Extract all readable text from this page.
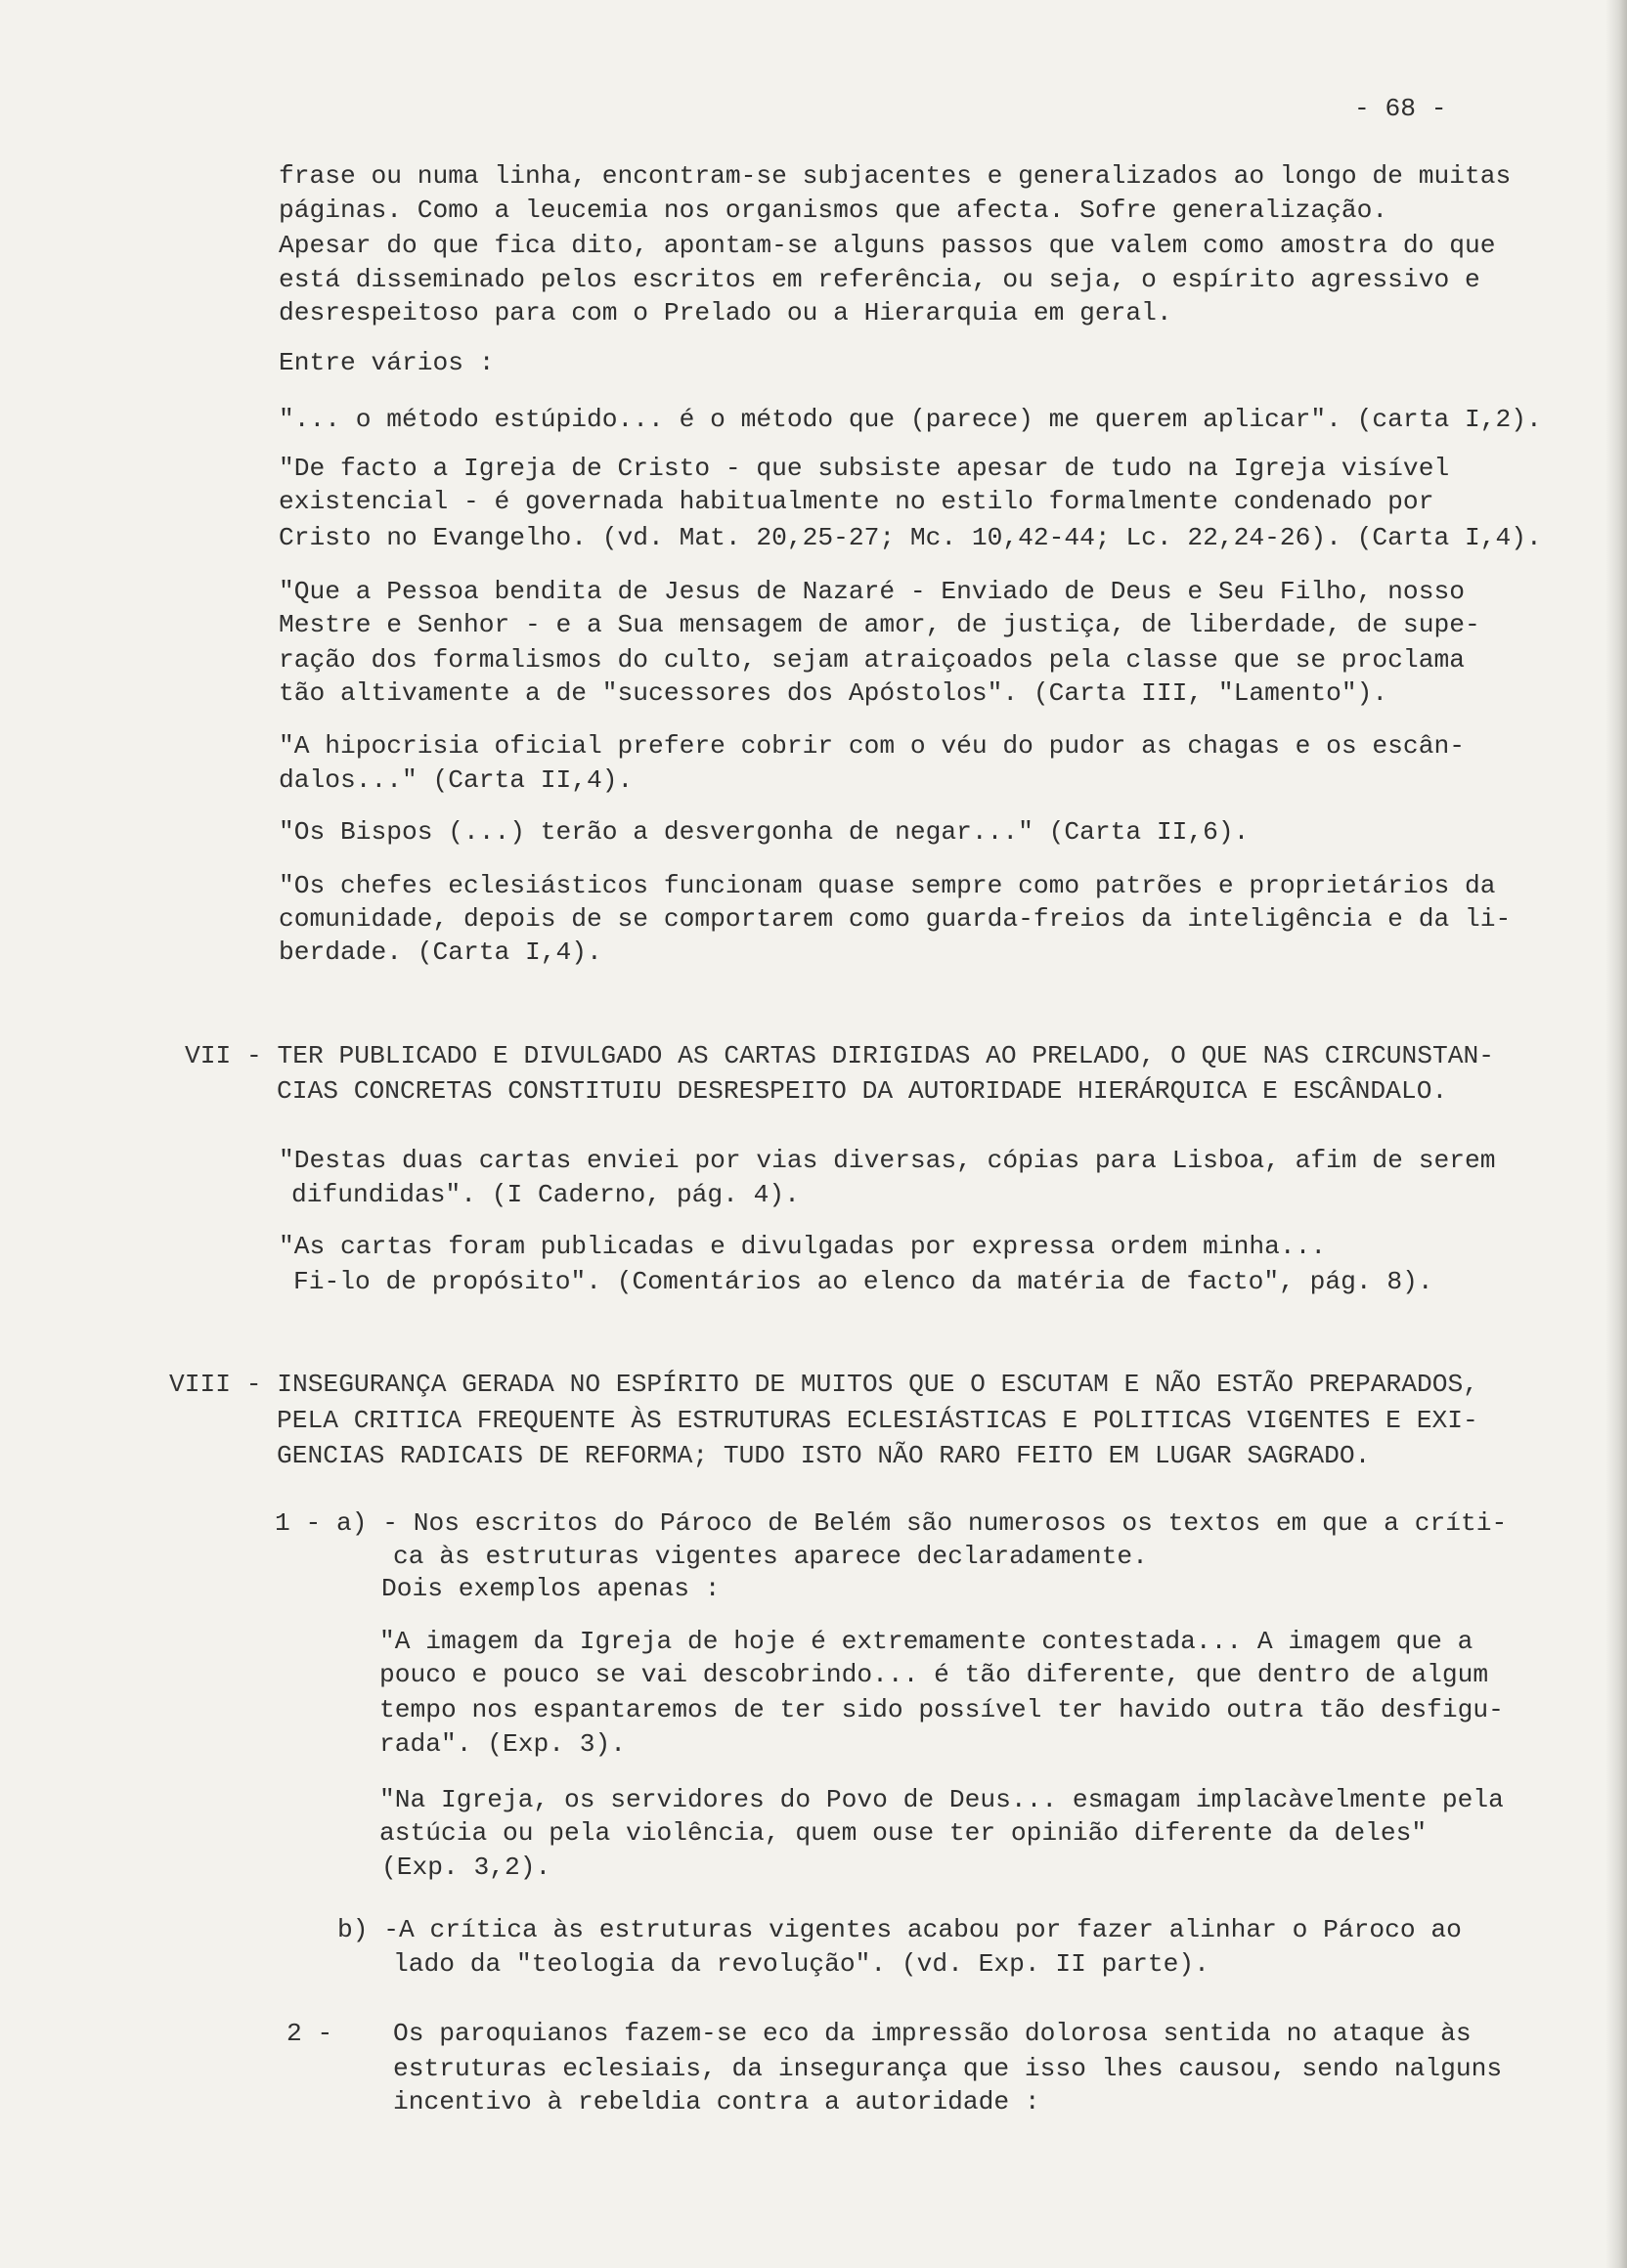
- 68 -
frase ou numa linha, encontram-se subjacentes e generalizados ao longo de muitas
páginas. Como a leucemia nos organismos que afecta. Sofre generalização.
Apesar do que fica dito, apontam-se alguns passos que valem como amostra do que
está disseminado pelos escritos em referência, ou seja, o espírito agressivo e
desrespeitoso para com o Prelado ou a Hierarquia em geral.
Entre vários :
"... o método estúpido... é o método que (parece) me querem aplicar". (carta I,2).
"De facto a Igreja de Cristo - que subsiste apesar de tudo na Igreja visível
existencial - é governada habitualmente no estilo formalmente condenado por
Cristo no Evangelho. (vd. Mat. 20,25-27; Mc. 10,42-44; Lc. 22,24-26). (Carta I,4).
"Que a Pessoa bendita de Jesus de Nazaré - Enviado de Deus e Seu Filho, nosso
Mestre e Senhor - e a Sua mensagem de amor, de justiça, de liberdade, de supe-
ração dos formalismos do culto, sejam atraiçoados pela classe que se proclama
tão altivamente a de "sucessores dos Apóstolos". (Carta III, "Lamento").
"A hipocrisia oficial prefere cobrir com o véu do pudor as chagas e os escân-
dalos..." (Carta II,4).
"Os Bispos (...) terão a desvergonha de negar..." (Carta II,6).
"Os chefes eclesiásticos funcionam quase sempre como patrões e proprietários da
comunidade, depois de se comportarem como guarda-freios da inteligência e da li-
berdade. (Carta I,4).
VII - TER PUBLICADO E DIVULGADO AS CARTAS DIRIGIDAS AO PRELADO, O QUE NAS CIRCUNSTAN-
CIAS CONCRETAS CONSTITUIU DESRESPEITO DA AUTORIDADE HIERÁRQUICA E ESCÂNDALO.
"Destas duas cartas enviei por vias diversas, cópias para Lisboa, afim de serem
difundidas". (I Caderno, pág. 4).
"As cartas foram publicadas e divulgadas por expressa ordem minha...
Fi-lo de propósito". (Comentários ao elenco da matéria de facto", pág. 8).
VIII - INSEGURANÇA GERADA NO ESPÍRITO DE MUITOS QUE O ESCUTAM E NÃO ESTÃO PREPARADOS,
PELA CRITICA FREQUENTE ÀS ESTRUTURAS ECLESIÁSTICAS E POLITICAS VIGENTES E EXI-
GENCIAS RADICAIS DE REFORMA; TUDO ISTO NÃO RARO FEITO EM LUGAR SAGRADO.
1 - a) - Nos escritos do Pároco de Belém são numerosos os textos em que a críti-
ca às estruturas vigentes aparece declaradamente.
Dois exemplos apenas :
"A imagem da Igreja de hoje é extremamente contestada... A imagem que a
pouco e pouco se vai descobrindo... é tão diferente, que dentro de algum
tempo nos espantaremos de ter sido possível ter havido outra tão desfigu-
rada". (Exp. 3).
"Na Igreja, os servidores do Povo de Deus... esmagam implacàvelmente pela
astúcia ou pela violência, quem ouse ter opinião diferente da deles"
(Exp. 3,2).
b) -A crítica às estruturas vigentes acabou por fazer alinhar o Pároco ao
lado da "teologia da revolução". (vd. Exp. II parte).
2 - Os paroquianos fazem-se eco da impressão dolorosa sentida no ataque às
estruturas eclesiais, da insegurança que isso lhes causou, sendo nalguns
incentivo à rebeldia contra a autoridade :
